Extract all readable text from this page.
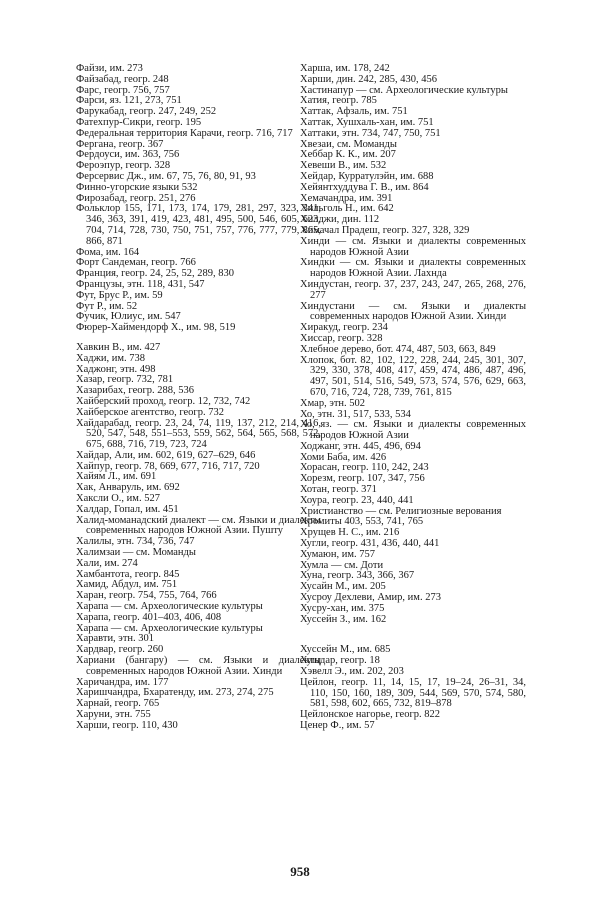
Файзи, им. 273
Файзабад, геогр. 248
Фарс, геогр. 756, 757
Фарси, яз. 121, 273, 751
Фарукабад, геогр. 247, 249, 252
Фатехпур-Сикри, геогр. 195
Федеральная территория Карачи, геогр. 716, 717
Фергана, геогр. 367
Фердоуси, им. 363, 756
Фероэпур, геогр. 328
Ферсервис Дж., им. 67, 75, 76, 80, 91, 93
Финно-угорские языки 532
Фирозабад, геогр. 251, 276
Фольклор 155, 171, 173, 174, 179, 281, 297, 323, 341, 346, 363, 391, 419, 423, 481, 495, 500, 546, 605, 623, 704, 714, 728, 730, 750, 751, 757, 776, 777, 779, 865, 866, 871
Фома, им. 164
Форт Сандеман, геогр. 766
Франция, геогр. 24, 25, 52, 289, 830
Французы, этн. 118, 431, 547
Фут, Брус Р., им. 59
Фут Р., им. 52
Фучик, Юлиус, им. 547
Фюрер-Хаймендорф Х., им. 98, 519
Хавкин В., им. 427
Хаджи, им. 738
Хаджонг, этн. 498
Хазар, геогр. 732, 781
Хазарибах, геогр. 288, 536
Хайберский проход, геогр. 12, 732, 742
Хайберское агентство, геогр. 732
Хайдарабад, геогр. 23, 24, 74, 119, 137, 212, 214, 416, 520, 547, 548, 551–553, 559, 562, 564, 565, 568, 572, 675, 688, 716, 719, 723, 724
Хайдар, Али, им. 602, 619, 627–629, 646
Хайпур, геогр. 78, 669, 677, 716, 717, 720
Хайям Л., им. 691
Хак, Анваруль, им. 692
Хаксли О., им. 527
Халдар, Гопал, им. 451
Халид-моманадский диалект — см. Языки и диалекты современных народов Южной Азии. Пушту
Халилы, этн. 734, 736, 747
Халимзаи — см. Моманды
Хали, им. 274
Хамбантота, геогр. 845
Хамид, Абдул, им. 751
Харан, геогр. 754, 755, 764, 766
Харапа — см. Археологические культуры
Харапа, геогр. 401–403, 406, 408
Харапа — см. Археологические культуры
Харавти, этн. 301
Хардвар, геогр. 260
Хариани (бангару) — см. Языки и диалекты современных народов Южной Азии. Хинди
Харичандра, им. 177
Харишчандра, Бхаратенду, им. 273, 274, 275
Харнай, геогр. 765
Харуни, этн. 755
Харши, геогр. 110, 430
Харша, им. 178, 242
Харши, дин. 242, 285, 430, 456
Хастинапур — см. Археологические культуры
Хатия, геогр. 785
Хаттак, Афзаль, им. 751
Хаттак, Хушхаль-хан, им. 751
Хаттаки, этн. 734, 747, 750, 751
Хвезаи, см. Моманды
Хеббар К. К., им. 207
Хевеши В., им. 532
Хейдар, Курратулэйн, им. 688
Хейянтхуддува Г. В., им. 864
Хемачандра, им. 391
Хильголь Н., им. 642
Хилджи, дин. 112
Химачал Прадеш, геогр. 327, 328, 329
Хинди — см. Языки и диалекты современных народов Южной Азии
Хиндки — см. Языки и диалекты современных народов Южной Азии. Лахнда
Хиндустан, геогр. 37, 237, 243, 247, 265, 268, 276, 277
Хиндустани — см. Языки и диалекты современных народов Южной Азии. Хинди
Хиракуд, геогр. 234
Хиссар, геогр. 328
Хлебное дерево, бот. 474, 487, 503, 663, 849
Хлопок, бот. 82, 102, 122, 228, 244, 245, 301, 307, 329, 330, 378, 408, 417, 459, 474, 486, 487, 496, 497, 501, 514, 516, 549, 573, 574, 576, 629, 663, 670, 716, 724, 728, 739, 761, 815
Хмар, этн. 502
Хо, этн. 31, 517, 533, 534
Хо, яз. — см. Языки и диалекты современных народов Южной Азии
Ходжанг, этн. 445, 496, 694
Хоми Баба, им. 426
Хорасан, геогр. 110, 242, 243
Хорезм, геогр. 107, 347, 756
Хотан, геогр. 371
Хоура, геогр. 23, 440, 441
Христианство — см. Религиозные верования
Хромиты 403, 553, 741, 765
Хрущев Н. С., им. 216
Хугли, геогр. 431, 436, 440, 441
Хумаюн, им. 757
Хумла — см. Доти
Хуна, геогр. 343, 366, 367
Хусайн М., им. 205
Хусроу Дехлеви, Амир, им. 273
Хусру-хан, им. 375
Хуссейн З., им. 162
Хуссейн М., им. 685
Хущдар, геогр. 18
Хэвелл Э., им. 202, 203
Цейлон, геогр. 11, 14, 15, 17, 19–24, 26–31, 34, 110, 150, 160, 189, 309, 544, 569, 570, 574, 580, 581, 598, 602, 665, 732, 819–878
Цейлонское нагорье, геогр. 822
Ценер Ф., им. 57
958
